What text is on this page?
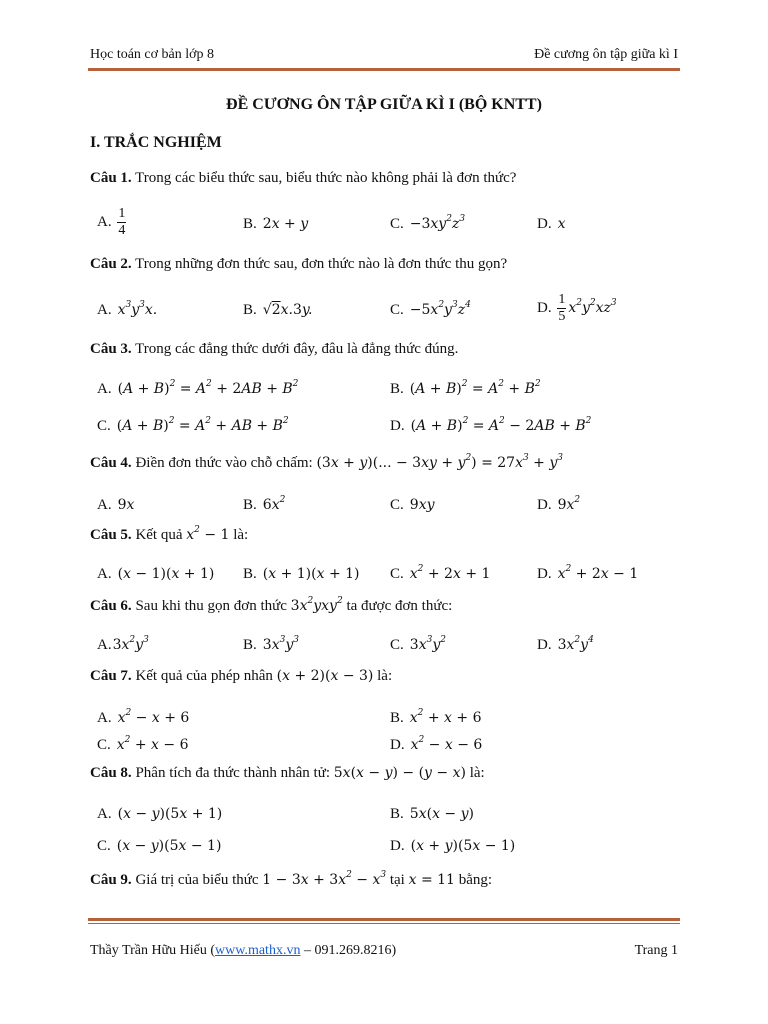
Học toán cơ bản lớp 8	Đề cương ôn tập giữa kì I
ĐỀ CƯƠNG ÔN TẬP GIỮA KÌ I (BỘ KNTT)
I. TRẮC NGHIỆM
Câu 1. Trong các biểu thức sau, biểu thức nào không phải là đơn thức?
A. $\frac{1}{4}$	B. 2x + y	C. $-3xy^2z^3$	D. x
Câu 2. Trong những đơn thức sau, đơn thức nào là đơn thức thu gọn?
A. $x^3y^3x$.	B. √2x.3y.	C. $-5x^2y^3z^4$	D. $\frac{1}{5} x^2y^2xz^3$
Câu 3. Trong các đẳng thức dưới đây, đâu là đẳng thức đúng.
A. $(A + B)^2 = A^2 + 2AB + B^2$	B. $(A + B)^2 = A^2 + B^2$
C. $(A + B)^2 = A^2$ + AB + $B^2$	D. $(A + B)^2 = A^2 - 2AB + B^2$
Câu 4. Điền đơn thức vào chỗ chấm: (3x + y)(... − $3xy + y^2) = 27x^3 + y^3$
A. 9x	B. $6x^2$	C. 9xy	D. $9x^2$
Câu 5. Kết quả $x^2 - 1$ là:
A. (x − 1)(x + 1) B. (x + 1)(x + 1) C. $x^2 + 2x + 1$	D. $x^2 + 2x - 1$
Câu 6. Sau khi thu gọn đơn thức $3x^2yxy^2$ ta được đơn thức:
$A.3x^2y^3$	B. $3x^3y^3$	C. $3x^3y^2$	D. $3x^2y^4$
Câu 7. Kết quả của phép nhân (x + 2)(x − 3) là:
A. $x^2 - x + 6$	B. $x^2 + x + 6$
C. $x^2 + x - 6$	D. $x^2 - x - 6$
Câu 8. Phân tích đa thức thành nhân tử: 5x(x − y) − (y − x) là:
A. (x − y)(5x + 1)	B. 5x(x − y)
C. (x − y)(5x − 1)	D. (x + y)(5x − 1)
Câu 9. Giá trị của biểu thức $1 - 3x + 3x^2 - x^3$ tại x = 11 bằng:
Thầy Trần Hữu Hiếu (www.mathx.vn – 091.269.8216)	Trang 1
